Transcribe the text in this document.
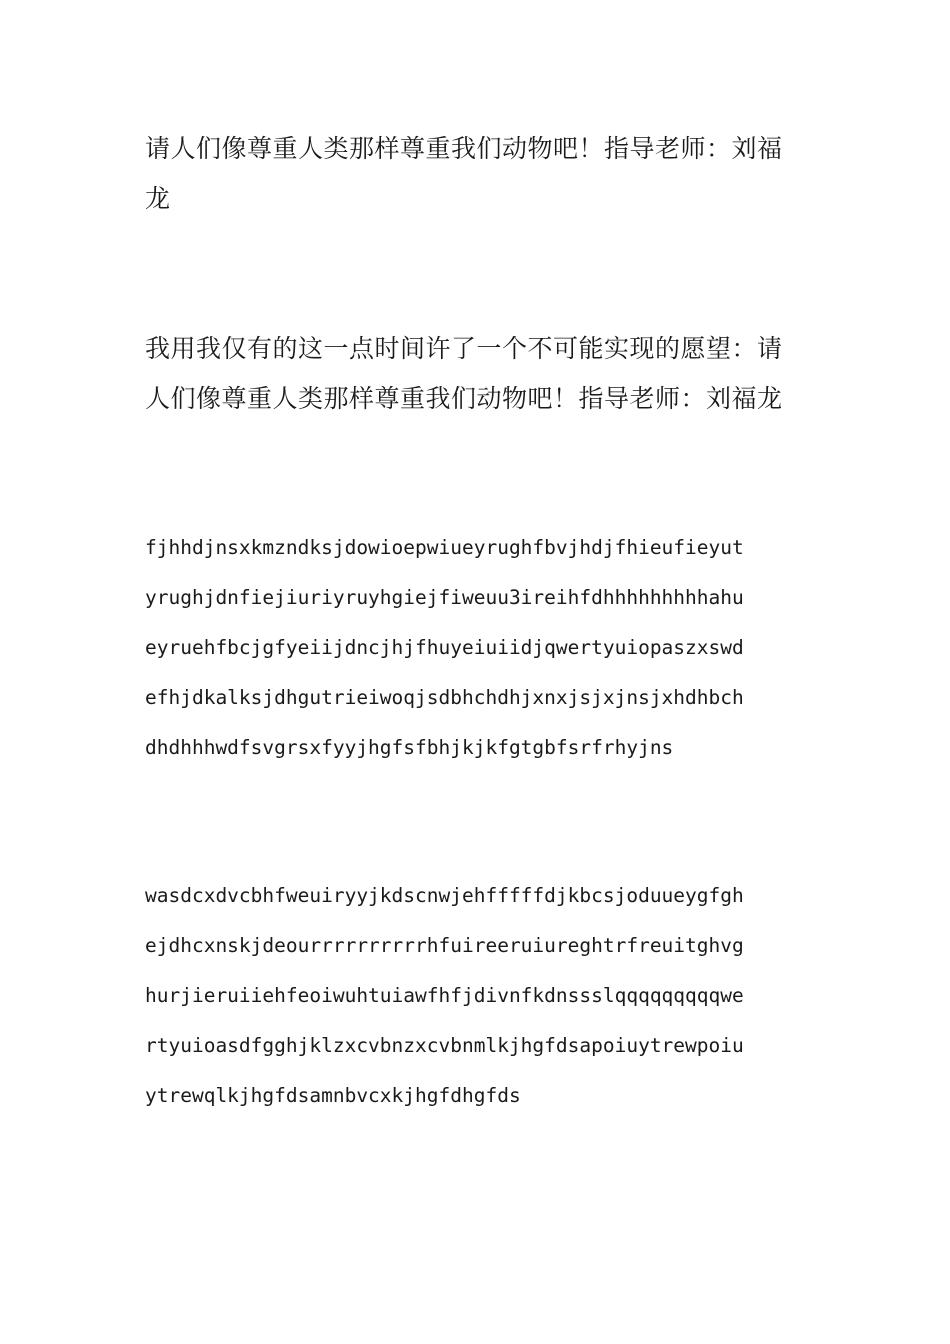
请人们像尊重人类那样尊重我们动物吧！指导老师：刘福
龙

我用我仅有的这一点时间许了一个不可能实现的愿望：请
人们像尊重人类那样尊重我们动物吧！指导老师：刘福龙

fjhhdjnsxkmzndksjdowioepwiueyrughfbvjhdjfhieufieyut
yrughjdnfiejiuriyruyhgiejfiweuu3ireihfdhhhhhhhhhahu
eyruehfbcjgfyeiijdncjhjfhuyeiuiidjqwertyuiopaszxswd
efhjdkalksjdhgutrieiwoqjsdbhchdhjxnxjsjxjnsjxhdhbch
dhdhhhwdfsvgrsxfyyjhgfsfbhjkjkfgtgbfsrfrhyjns

wasdcxdvcbhfweuiryyjkdscnwjehfffffdjkbcsjoduueygfgh
ejdhcxnskjdeourrrrrrrrrrhfuireeruiureghtrfreuitghvg
hurjieruiiehfeoiwuhtuiawfhfjdivnfkdnssslqqqqqqqqqwe
rtyuioasdfgghjklzxcvbnzxcvbnmlkjhgfdsapoiuytrewpoiu
ytrewqlkjhgfdsamnbvcxkjhgfdhgfds
